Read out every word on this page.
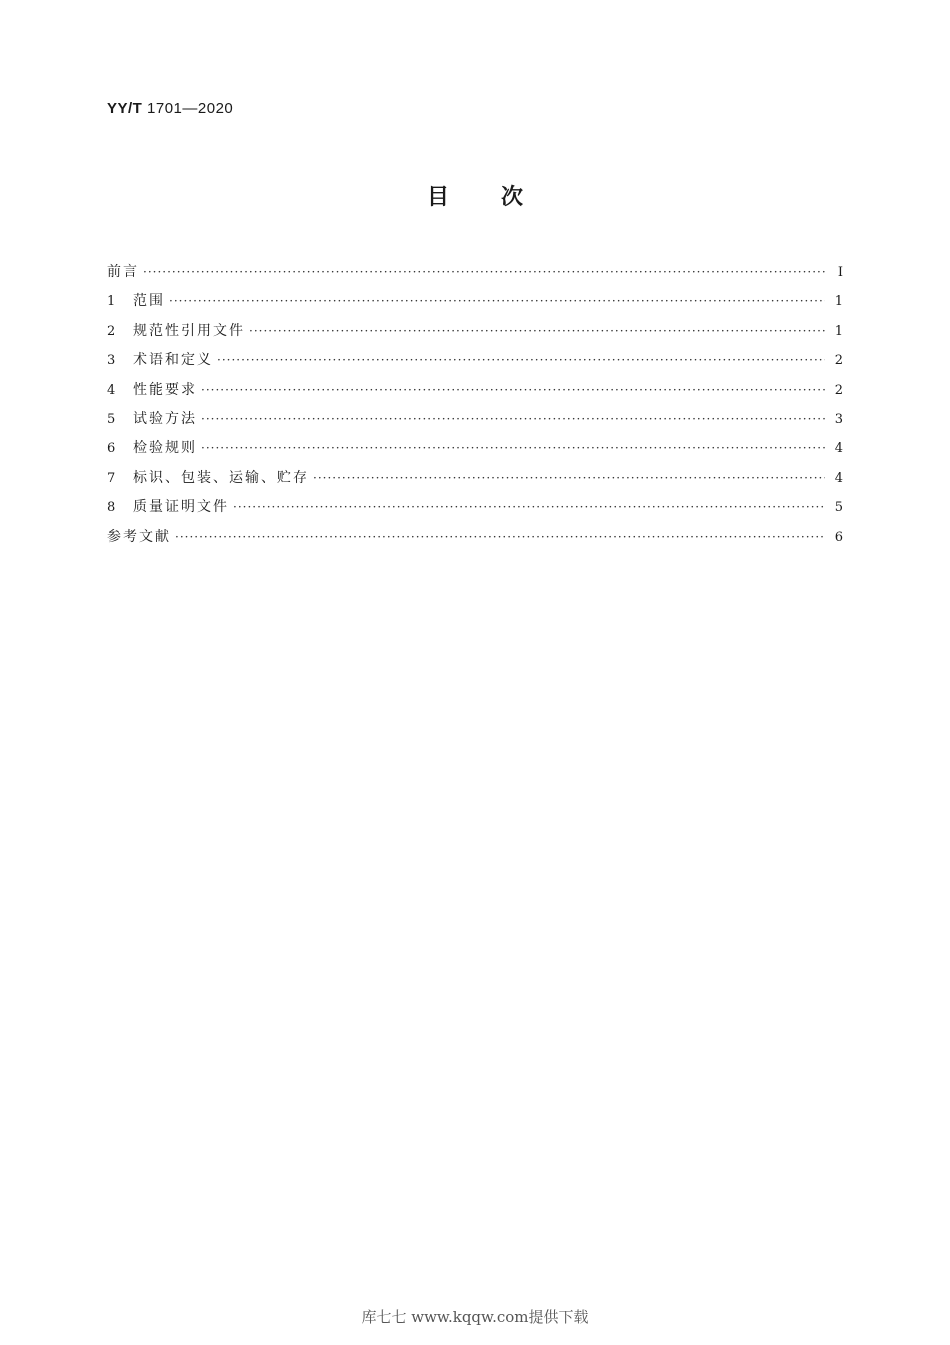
YY/T 1701—2020
目次
前言 ·····	Ⅰ
1	范围 ·····	1
2	规范性引用文件 ·····	1
3	术语和定义 ·····	2
4	性能要求 ·····	2
5	试验方法 ·····	3
6	检验规则 ·····	4
7	标识、包装、运输、贮存 ·····	4
8	质量证明文件 ·····	5
参考文献 ·····	6
库七七 www.kqqw.com提供下载
